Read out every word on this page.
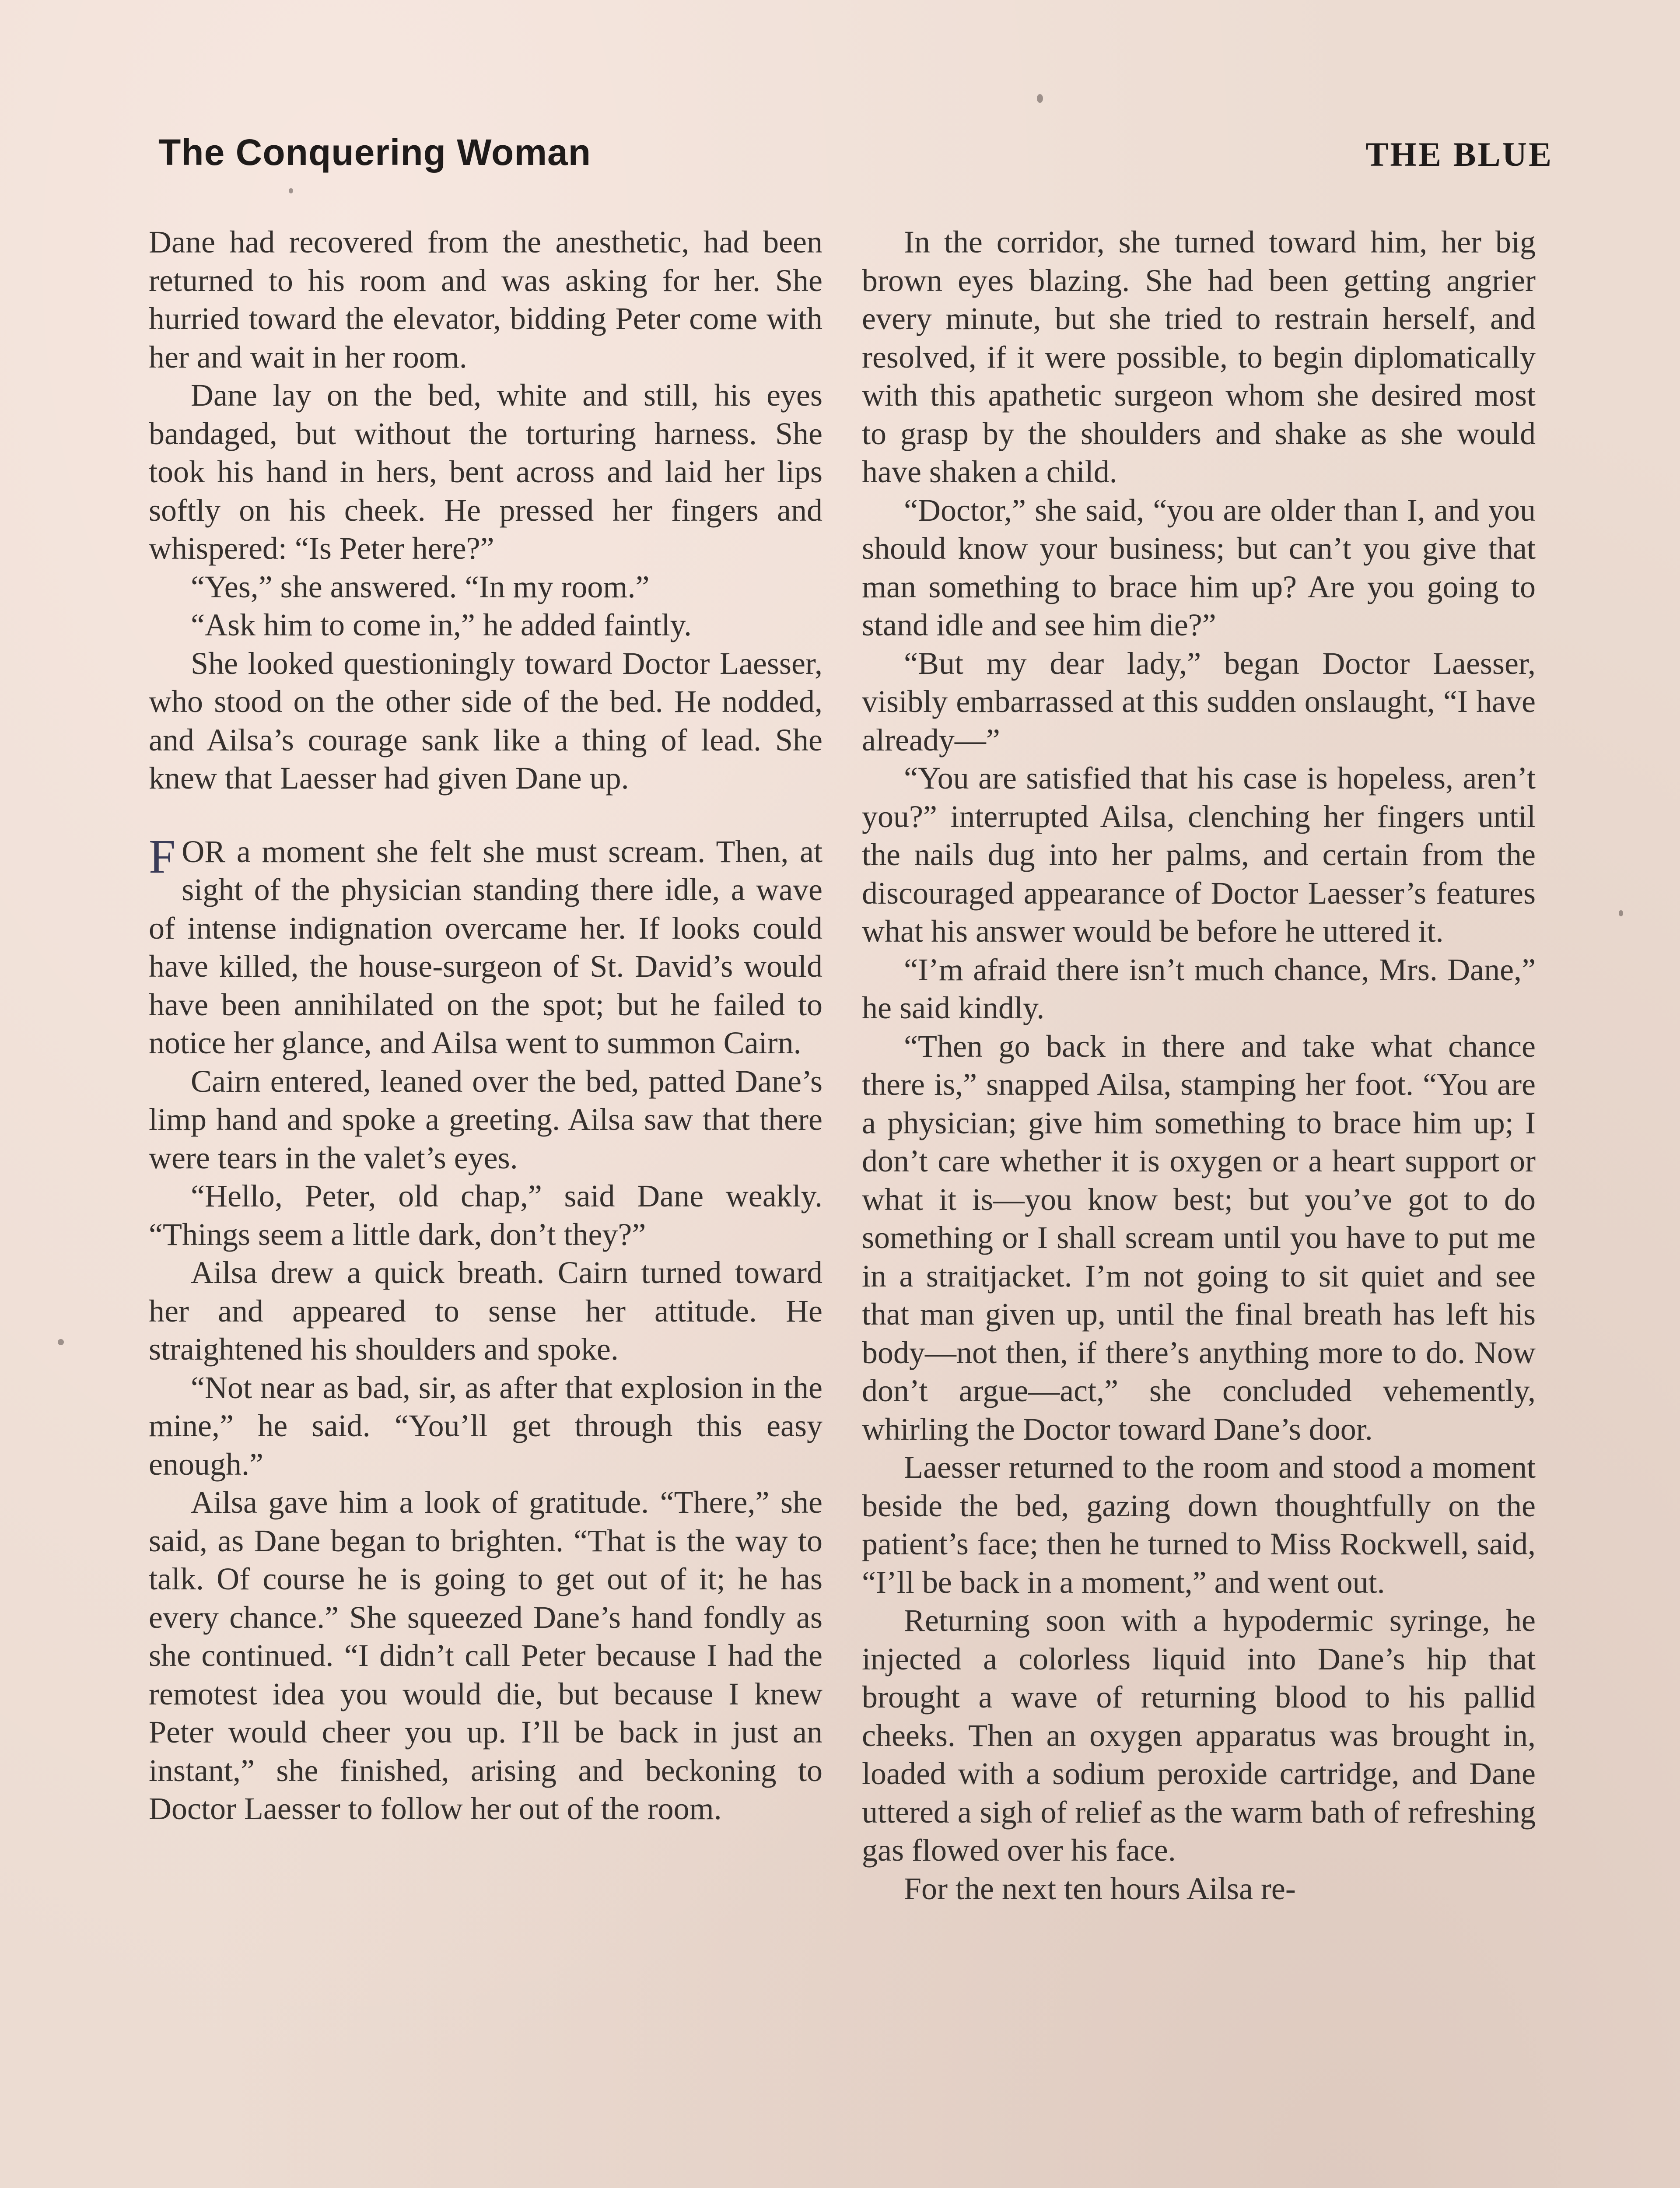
The Conquering Woman	THE BLUE

Dane had recovered from the anesthetic, had been returned to his room and was asking for her. She hurried toward the elevator, bidding Peter come with her and wait in her room.

Dane lay on the bed, white and still, his eyes bandaged, but without the torturing harness. She took his hand in hers, bent across and laid her lips softly on his cheek. He pressed her fingers and whispered: “Is Peter here?”

“Yes,” she answered. “In my room.”

“Ask him to come in,” he added faintly.

She looked questioningly toward Doctor Laesser, who stood on the other side of the bed. He nodded, and Ailsa’s courage sank like a thing of lead. She knew that Laesser had given Dane up.

FOR a moment she felt she must scream. Then, at sight of the physician standing there idle, a wave of intense indignation overcame her. If looks could have killed, the house-surgeon of St. David’s would have been annihilated on the spot; but he failed to notice her glance, and Ailsa went to summon Cairn.

Cairn entered, leaned over the bed, patted Dane’s limp hand and spoke a greeting. Ailsa saw that there were tears in the valet’s eyes.

“Hello, Peter, old chap,” said Dane weakly. “Things seem a little dark, don’t they?”

Ailsa drew a quick breath. Cairn turned toward her and appeared to sense her attitude. He straightened his shoulders and spoke.

“Not near as bad, sir, as after that explosion in the mine,” he said. “You’ll get through this easy enough.”

Ailsa gave him a look of gratitude. “There,” she said, as Dane began to brighten. “That is the way to talk. Of course he is going to get out of it; he has every chance.” She squeezed Dane’s hand fondly as she continued. “I didn’t call Peter because I had the remotest idea you would die, but because I knew Peter would cheer you up. I’ll be back in just an instant,” she finished, arising and beckoning to Doctor Laesser to follow her out of the room.

In the corridor, she turned toward him, her big brown eyes blazing. She had been getting angrier every minute, but she tried to restrain herself, and resolved, if it were possible, to begin diplomatically with this apathetic surgeon whom she desired most to grasp by the shoulders and shake as she would have shaken a child.

“Doctor,” she said, “you are older than I, and you should know your business; but can’t you give that man something to brace him up? Are you going to stand idle and see him die?”

“But my dear lady,” began Doctor Laesser, visibly embarrassed at this sudden onslaught, “I have already—”

“You are satisfied that his case is hopeless, aren’t you?” interrupted Ailsa, clenching her fingers until the nails dug into her palms, and certain from the discouraged appearance of Doctor Laesser’s features what his answer would be before he uttered it.

“I’m afraid there isn’t much chance, Mrs. Dane,” he said kindly.

“Then go back in there and take what chance there is,” snapped Ailsa, stamping her foot. “You are a physician; give him something to brace him up; I don’t care whether it is oxygen or a heart support or what it is—you know best; but you’ve got to do something or I shall scream until you have to put me in a straitjacket. I’m not going to sit quiet and see that man given up, until the final breath has left his body—not then, if there’s anything more to do. Now don’t argue—act,” she concluded vehemently, whirling the Doctor toward Dane’s door.

Laesser returned to the room and stood a moment beside the bed, gazing down thoughtfully on the patient’s face; then he turned to Miss Rockwell, said, “I’ll be back in a moment,” and went out.

Returning soon with a hypodermic syringe, he injected a colorless liquid into Dane’s hip that brought a wave of returning blood to his pallid cheeks. Then an oxygen apparatus was brought in, loaded with a sodium peroxide cartridge, and Dane uttered a sigh of relief as the warm bath of refreshing gas flowed over his face.

For the next ten hours Ailsa re-
